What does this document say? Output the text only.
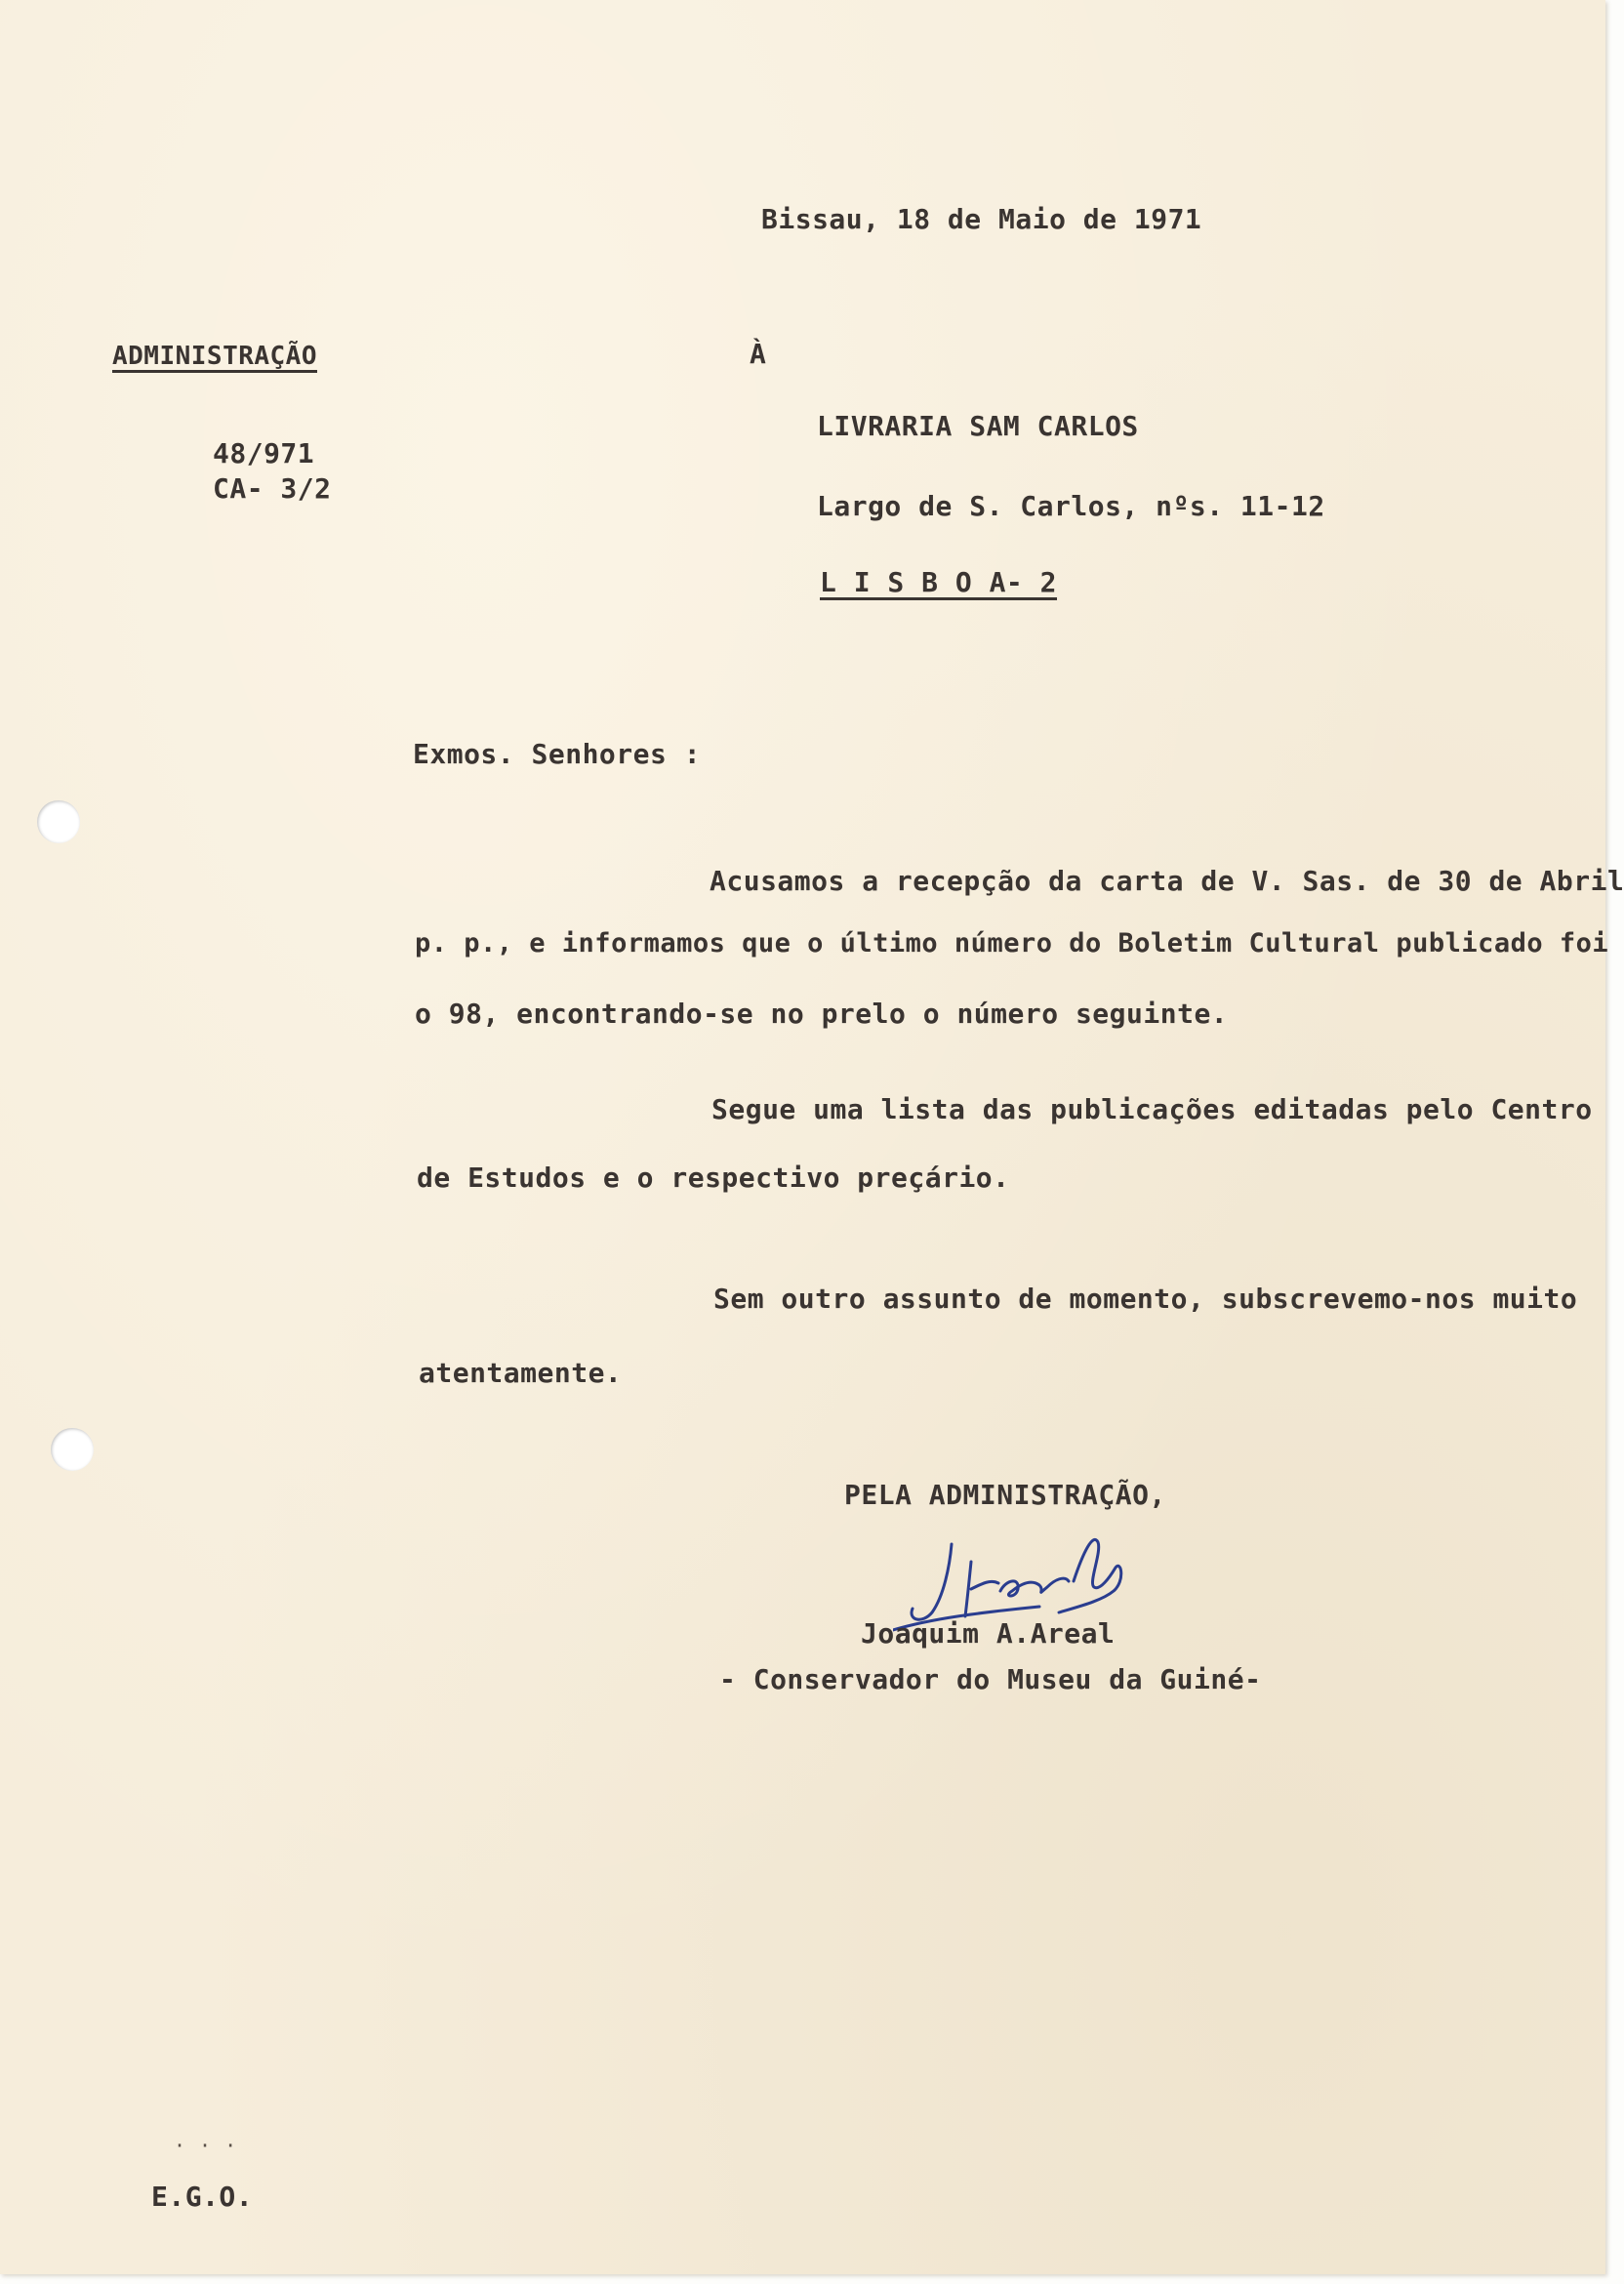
Bissau, 18 de Maio de 1971

ADMINISTRAÇÃO

48/971

CA- 3/2

À

LIVRARIA SAM CARLOS

Largo de S. Carlos, nºs. 11-12

L I S B O A- 2

Exmos. Senhores :

Acusamos a recepção da carta de V. Sas. de 30 de Abril

p. p., e informamos que o último número do Boletim Cultural publicado foi

o 98, encontrando-se no prelo o número seguinte.

Segue uma lista das publicações editadas pelo Centro

de Estudos e o respectivo preçário.

Sem outro assunto de momento, subscrevemo-nos muito

atentamente.

PELA ADMINISTRAÇÃO,

Joaquim A.Areal

- Conservador do Museu da Guiné-

···

E.G.O.
